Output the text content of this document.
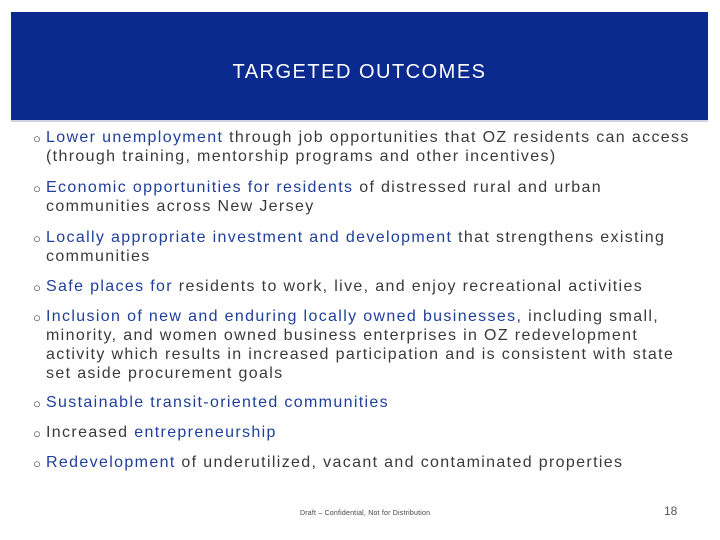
TARGETED OUTCOMES
○ Lower unemployment through job opportunities that OZ residents can access (through training, mentorship programs and other incentives)
○ Economic opportunities for residents of distressed rural and urban communities across New Jersey
○ Locally appropriate investment and development that strengthens existing communities
○ Safe places for residents to work, live, and enjoy recreational activities
○ Inclusion of new and enduring locally owned businesses, including small, minority, and women owned business enterprises in OZ redevelopment activity which results in increased participation and is consistent with state set aside procurement goals
○ Sustainable transit-oriented communities
○ Increased entrepreneurship
○ Redevelopment of underutilized, vacant and contaminated properties
Draft – Confidential, Not for Distribution	18
